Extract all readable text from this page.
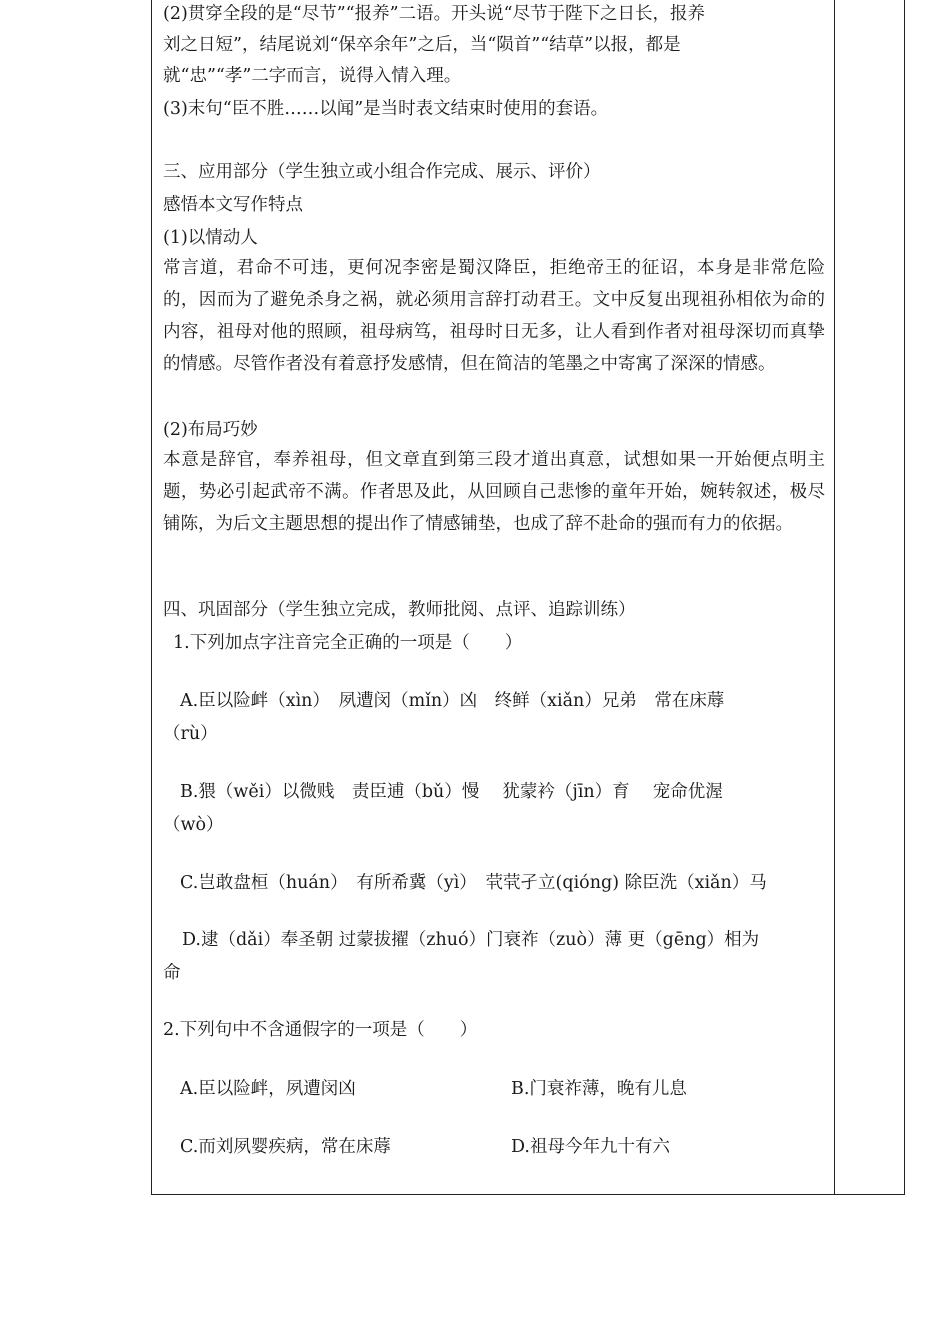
(2)贯穿全段的是“尽节”“报养”二语。开头说“尽节于陛下之日长，报养
刘之日短”，结尾说刘“保卒余年”之后，当“陨首”“结草”以报，都是
就“忠”“孝”二字而言，说得入情入理。
(3)末句“臣不胜……以闻”是当时表文结束时使用的套语。
三、应用部分（学生独立或小组合作完成、展示、评价）
感悟本文写作特点
(1)以情动人
常言道，君命不可违，更何况李密是蜀汉降臣，拒绝帝王的征诏，本身是非常危险的，因而为了避免杀身之祸，就必须用言辞打动君王。文中反复出现祖孙相依为命的内容，祖母对他的照顾，祖母病笃，祖母时日无多，让人看到作者对祖母深切而真挚的情感。尽管作者没有着意抒发感情，但在简洁的笔墨之中寄寓了深深的情感。
(2)布局巧妙
本意是辞官，奉养祖母，但文章直到第三段才道出真意，试想如果一开始便点明主题，势必引起武帝不满。作者思及此，从回顾自己悲惨的童年开始，婉转叙述，极尽铺陈，为后文主题思想的提出作了情感铺垫，也成了辞不赴命的强而有力的依据。
四、巩固部分（学生独立完成，教师批阅、点评、追踪训练）
1.下列加点字注音完全正确的一项是（　　）
A.臣以险衅（xìn）　夙遭闵（mǐn）凶　终鲜（xiǎn）兄弟　常在床蓐
（rù）
B.猥（wěi）以微贱　责臣逋（bǔ）慢　 犹蒙衿（jīn）育　 宠命优渥
（wò）
C.岂敢盘桓（huán）　有所希冀（yì）　茕茕孑立(qióng) 除臣洗（xiǎn）马
D.逮（dǎi）奉圣朝 过蒙拔擢（zhuó）门衰祚（zuò）薄 更（gēng）相为
命
2.下列句中不含通假字的一项是（　　）
A.臣以险衅，夙遭闵凶	B.门衰祚薄，晚有儿息
C.而刘夙婴疾病，常在床蓐	D.祖母今年九十有六
